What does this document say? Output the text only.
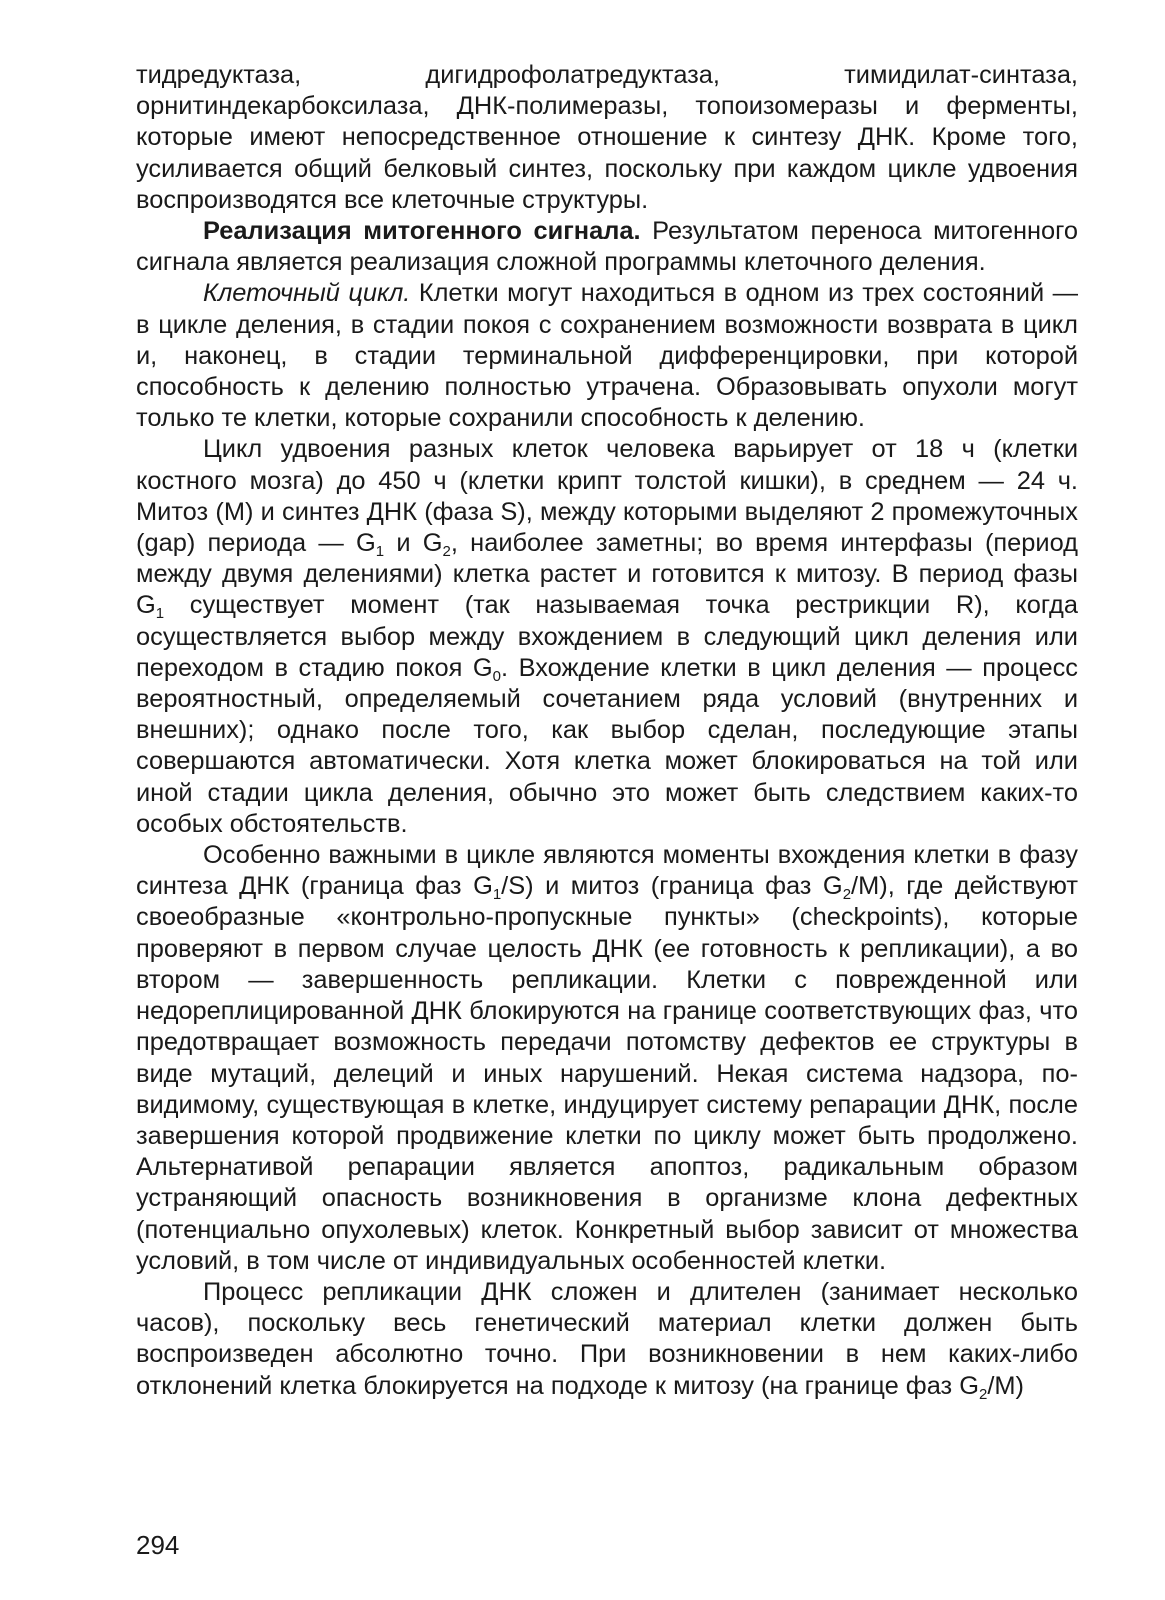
тидредуктаза, дигидрофолатредуктаза, тимидилат-синтаза, орнитиндекарбоксилаза, ДНК-полимеразы, топоизомеразы и ферменты, которые имеют непосредственное отношение к синтезу ДНК. Кроме того, усиливается общий белковый синтез, поскольку при каждом цикле удвоения воспроизводятся все клеточные структуры.

Реализация митогенного сигнала. Результатом переноса митогенного сигнала является реализация сложной программы клеточного деления.

Клеточный цикл. Клетки могут находиться в одном из трех состояний — в цикле деления, в стадии покоя с сохранением возможности возврата в цикл и, наконец, в стадии терминальной дифференцировки, при которой способность к делению полностью утрачена. Образовывать опухоли могут только те клетки, которые сохранили способность к делению.

Цикл удвоения разных клеток человека варьирует от 18 ч (клетки костного мозга) до 450 ч (клетки крипт толстой кишки), в среднем — 24 ч. Митоз (М) и синтез ДНК (фаза S), между которыми выделяют 2 промежуточных (gap) периода — $G_1$ и $G_2$, наиболее заметны; во время интерфазы (период между двумя делениями) клетка растет и готовится к митозу. В период фазы $G_1$ существует момент (так называемая точка рестрикции R), когда осуществляется выбор между вхождением в следующий цикл деления или переходом в стадию покоя $G_0$. Вхождение клетки в цикл деления — процесс вероятностный, определяемый сочетанием ряда условий (внутренних и внешних); однако после того, как выбор сделан, последующие этапы совершаются автоматически. Хотя клетка может блокироваться на той или иной стадии цикла деления, обычно это может быть следствием каких-то особых обстоятельств.

Особенно важными в цикле являются моменты вхождения клетки в фазу синтеза ДНК (граница фаз $G_1/S$) и митоз (граница фаз $G_2/M$), где действуют своеобразные «контрольно-пропускные пункты» (checkpoints), которые проверяют в первом случае целость ДНК (ее готовность к репликации), а во втором — завершенность репликации. Клетки с поврежденной или недореплицированной ДНК блокируются на границе соответствующих фаз, что предотвращает возможность передачи потомству дефектов ее структуры в виде мутаций, делеций и иных нарушений. Некая система надзора, по-видимому, существующая в клетке, индуцирует систему репарации ДНК, после завершения которой продвижение клетки по циклу может быть продолжено. Альтернативой репарации является апоптоз, радикальным образом устраняющий опасность возникновения в организме клона дефектных (потенциально опухолевых) клеток. Конкретный выбор зависит от множества условий, в том числе от индивидуальных особенностей клетки.

Процесс репликации ДНК сложен и длителен (занимает несколько часов), поскольку весь генетический материал клетки должен быть воспроизведен абсолютно точно. При возникновении в нем каких-либо отклонений клетка блокируется на подходе к митозу (на границе фаз $G_2/M$)

294
